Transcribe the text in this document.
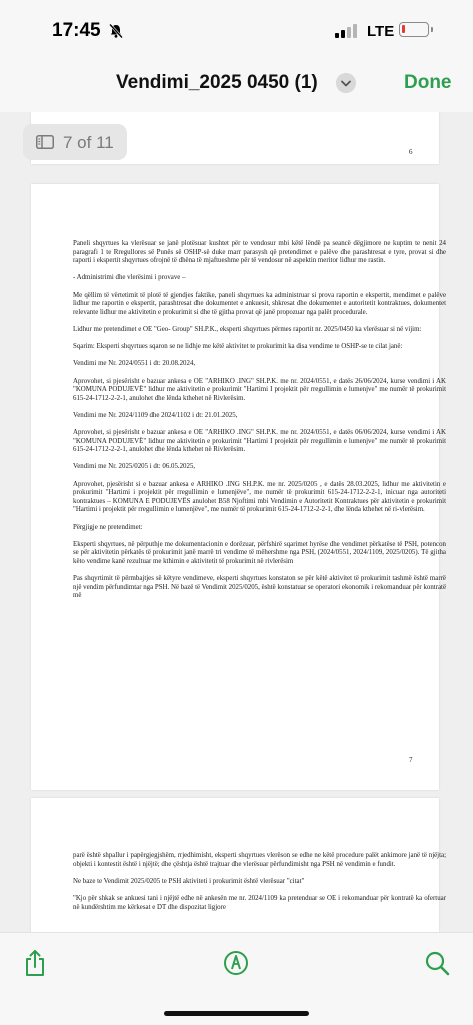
17:45	LTE
Vendimi_2025 0450 (1)	Done
6
7 of 11

Paneli shqyrtues ka vlerësuar se janë plotësuar kushtet për te vendosur mbi këtë lëndë pa seancë dëgjimore ne kuptim te nenit 24 paragrafi 1 te Rregullores së Punës së OSHP-së duke marr parasysh që pretendimet e palëve dhe parashtresat e tyre, provat si dhe raporti i ekspertit shqyrtues ofrojnë të dhëna të mjaftueshme për të vendosur në aspektin meritor lidhur me rastin.

- Administrimi dhe vlerësimi i provave –

Me qëllim të vërtetimit të plotë të gjendjes faktike, paneli shqyrtues ka administruar si prova raportin e ekspertit, mendimet e palëve lidhur me raportin e ekspertit, parashtresat dhe dokumentet e ankuesit, shkresat dhe dokumentet e autoritetit kontraktues, dokumentet relevante lidhur me aktivitetin e prokurimit si dhe të gjitha provat që janë propozuar nga palët procedurale.

Lidhur me pretendimet e OE "Geo- Group" SH.P.K., eksperti shqyrtues përmes raportit nr. 2025/0450 ka vlerësuar si në vijim:

Sqarim: Eksperti shqyrtues sqaron se ne lidhje me këtë aktivitet te prokurimit ka disa vendime te OSHP-se te cilat janë:

Vendimi me Nr. 2024/0551 i dt: 20.08.2024,

Aprovohet, si pjesërisht e bazuar ankesa e OE "ARHIKO .ING" SH.P.K. me nr. 2024/0551, e datës 26/06/2024, kurse vendimi i AK "KOMUNA PODUJEVË" lidhur me aktivitetin e prokurimit "Hartimi I projektit për rregullimin e lumenjve" me numër të prokurimit 615-24-1712-2-2-1, anulohet dhe lënda kthehet në Rivlerësim.

Vendimi me Nr. 2024/1109 dhe 2024/1102 i dt: 21.01.2025,

Aprovohet, si pjesërisht e bazuar ankesa e OE "ARHIKO .ING" SH.P.K. me nr. 2024/0551, e datës 06/06/2024, kurse vendimi i AK "KOMUNA PODUJEVË" lidhur me aktivitetin e prokurimit "Hartimi I projektit për rregullimin e lumenjve" me numër të prokurimit 615-24-1712-2-2-1, anulohet dhe lënda kthehet në Rivlerësim.

Vendimi me Nr. 2025/0205 i dt: 06.05.2025,

Aprovohet, pjesërisht si e bazuar ankesa e ARHIKO .ING SH.P.K. me nr. 2025/0205 , e datës 28.03.2025, lidhur me aktivitetin e prokurimit "Hartimi i projektit për rregullimin e lumenjëve", me numër të prokurimit 615-24-1712-2-2-1, inicuar nga autoriteti kontraktues – KOMUNA E PODUJEVËS anulohet B58 Njoftimi mbi Vendimin e Autoritetit Kontraktues për aktivitetin e prokurimit "Hartimi i projektit për rregullimin e lumenjëve", me numër të prokurimit 615-24-1712-2-2-1, dhe lënda kthehet në ri-vlerësim.

Përgjigje ne pretendimet:

Eksperti shqyrtues, në përputhje me dokumentacionin e dorëzuar, përfshirë sqarimet hyrëse dhe vendimet përkatëse të PSH, potencon se për aktivitetin përkatës të prokurimit janë marrë tri vendime të mëhershme nga PSH, (2024/0551, 2024/1109, 2025/0205). Të gjitha këto vendime kanë rezultuar me kthimin e aktivitetit të prokurimit në rivlerësim

Pas shqyrtimit të përmbajtjes së këtyre vendimeve, eksperti shqyrtues konstaton se për këtë aktivitet të prokurimit tashmë është marrë një vendim përfundimtar nga PSH. Në bazë të Vendimit 2025/0205, është konstatuar se operatori ekonomik i rekomanduar për kontratë më

7

parë është shpallur i papërgjegjshëm, rrjedhimisht, eksperti shqyrtues vlerëson se edhe ne këtë procedure palët ankimore janë të njëjta; objekti i kontestit është i njëjtë; dhe çështja është trajtuar dhe vlerësuar përfundimisht nga PSH në vendimin e fundit.

Ne baze te Vendimit 2025/0205 te PSH aktiviteti i prokurimit është vlerësuar "citat"

"Kjo për shkak se ankuesi tani i njëjtë edhe në ankesën me nr. 2024/1109 ka pretenduar se OE i rekomanduar për kontratë ka ofertuar në kundërshtim me kërkesat e DT dhe dispozitat ligjore
